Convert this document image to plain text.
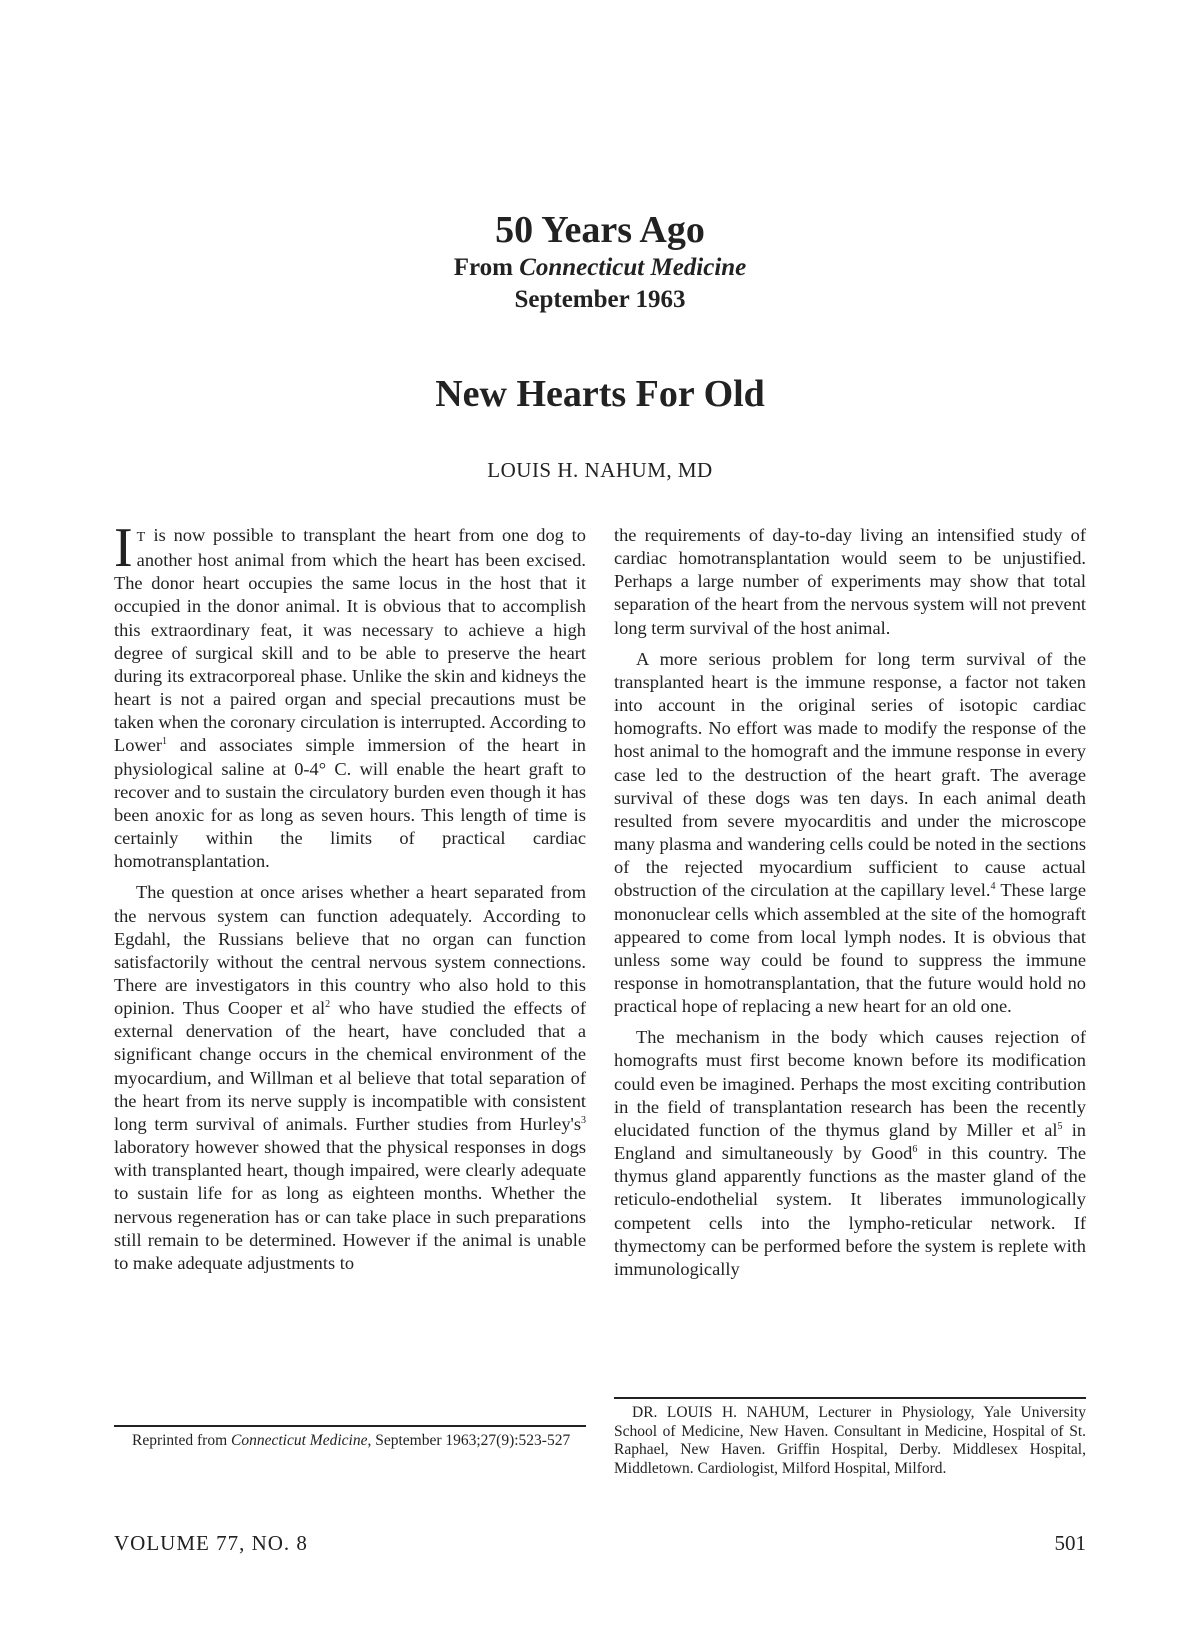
50 Years Ago
From Connecticut Medicine
September 1963
New Hearts For Old
LOUIS H. NAHUM, MD

IT is now possible to transplant the heart from one dog to another host animal from which the heart has been excised. The donor heart occupies the same locus in the host that it occupied in the donor animal. It is obvious that to accomplish this extraordinary feat, it was necessary to achieve a high degree of surgical skill and to be able to preserve the heart during its extracorporeal phase. Unlike the skin and kidneys the heart is not a paired organ and special precautions must be taken when the coronary circulation is interrupted. According to Lower$^1$ and associates simple immersion of the heart in physiological saline at 0-4° C. will enable the heart graft to recover and to sustain the circulatory burden even though it has been anoxic for as long as seven hours. This length of time is certainly within the limits of practical cardiac homotransplantation.

The question at once arises whether a heart separated from the nervous system can function adequately. According to Egdahl, the Russians believe that no organ can function satisfactorily without the central nervous system connections. There are investigators in this country who also hold to this opinion. Thus Cooper et $al^2$ who have studied the effects of external denervation of the heart, have concluded that a significant change occurs in the chemical environment of the myocardium, and Willman et al believe that total separation of the heart from its nerve supply is incompatible with consistent long term survival of animals. Further studies from $Hurley's^3$ laboratory however showed that the physical responses in dogs with transplanted heart, though impaired, were clearly adequate to sustain life for as long as eighteen months. Whether the nervous regeneration has or can take place in such preparations still remain to be determined. However if the animal is unable to make adequate adjustments to

the requirements of day-to-day living an intensified study of cardiac homotransplantation would seem to be unjustified. Perhaps a large number of experiments may show that total separation of the heart from the nervous system will not prevent long term survival of the host animal.

A more serious problem for long term survival of the transplanted heart is the immune response, a factor not taken into account in the original series of isotopic cardiac homografts. No effort was made to modify the response of the host animal to the homograft and the immune response in every case led to the destruction of the heart graft. The average survival of these dogs was ten days. In each animal death resulted from severe myocarditis and under the microscope many plasma and wandering cells could be noted in the sections of the rejected myocardium sufficient to cause actual obstruction of the circulation at the capillary level.$^4$ These large mononuclear cells which assembled at the site of the homograft appeared to come from local lymph nodes. It is obvious that unless some way could be found to suppress the immune response in homotransplantation, that the future would hold no practical hope of replacing a new heart for an old one.

The mechanism in the body which causes rejection of homografts must first become known before its modification could even be imagined. Perhaps the most exciting contribution in the field of transplantation research has been the recently elucidated function of the thymus gland by Miller et $al^5$ in England and simultaneously by Good$^6$ in this country. The thymus gland apparently functions as the master gland of the reticulo-endothelial system. It liberates immunologically competent cells into the lympho-reticular network. If thymectomy can be performed before the system is replete with immunologically

Reprinted from Connecticut Medicine, September 1963;27(9):523-527
DR. LOUIS H. NAHUM, Lecturer in Physiology, Yale University School of Medicine, New Haven. Consultant in Medicine, Hospital of St. Raphael, New Haven. Griffin Hospital, Derby. Middlesex Hospital, Middletown. Cardiologist, Milford Hospital, Milford.
VOLUME 77, NO. 8	501
